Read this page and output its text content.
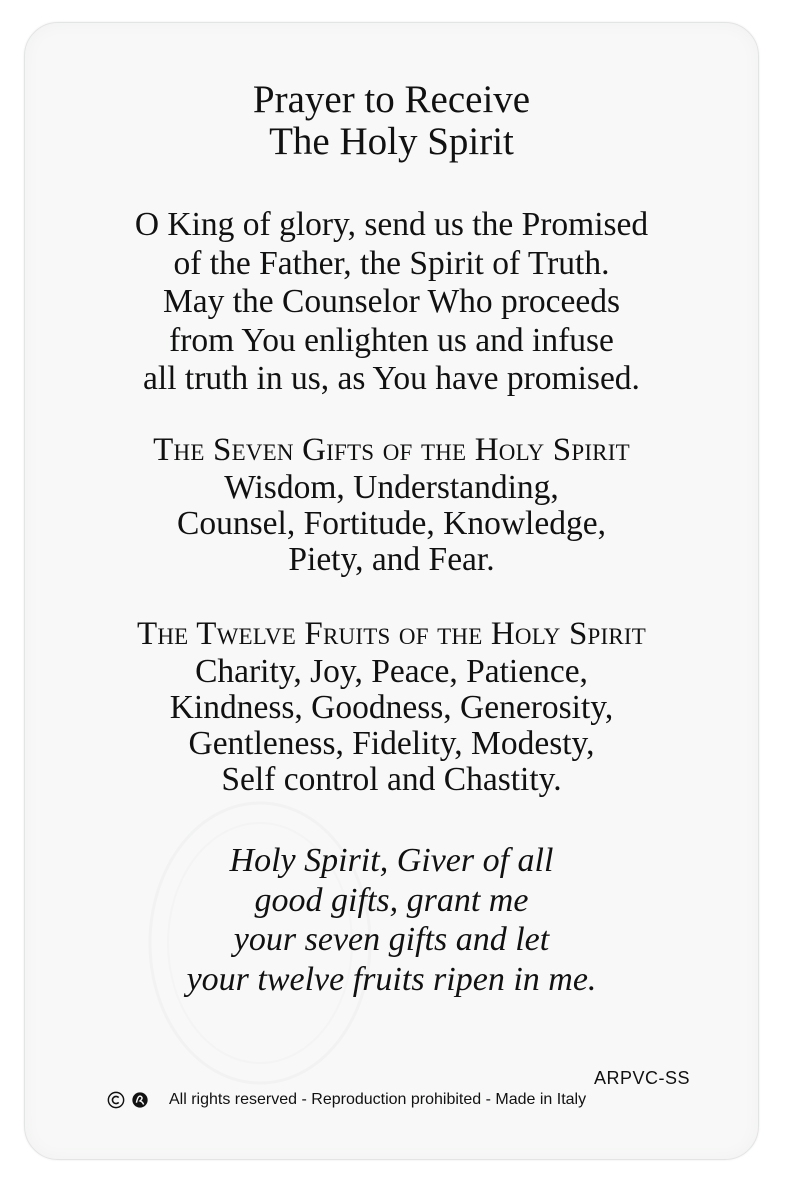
Prayer to Receive
The Holy Spirit
O King of glory, send us the Promised
of the Father, the Spirit of Truth.
May the Counselor Who proceeds
from You enlighten us and infuse
all truth in us, as You have promised.
The Seven Gifts of the Holy Spirit
Wisdom, Understanding,
Counsel, Fortitude, Knowledge,
Piety, and Fear.
The Twelve Fruits of the Holy Spirit
Charity, Joy, Peace, Patience,
Kindness, Goodness, Generosity,
Gentleness, Fidelity, Modesty,
Self control and Chastity.
Holy Spirit, Giver of all
good gifts, grant me
your seven gifts and let
your twelve fruits ripen in me.
ARPVC-SS
All rights reserved - Reproduction prohibited - Made in Italy
